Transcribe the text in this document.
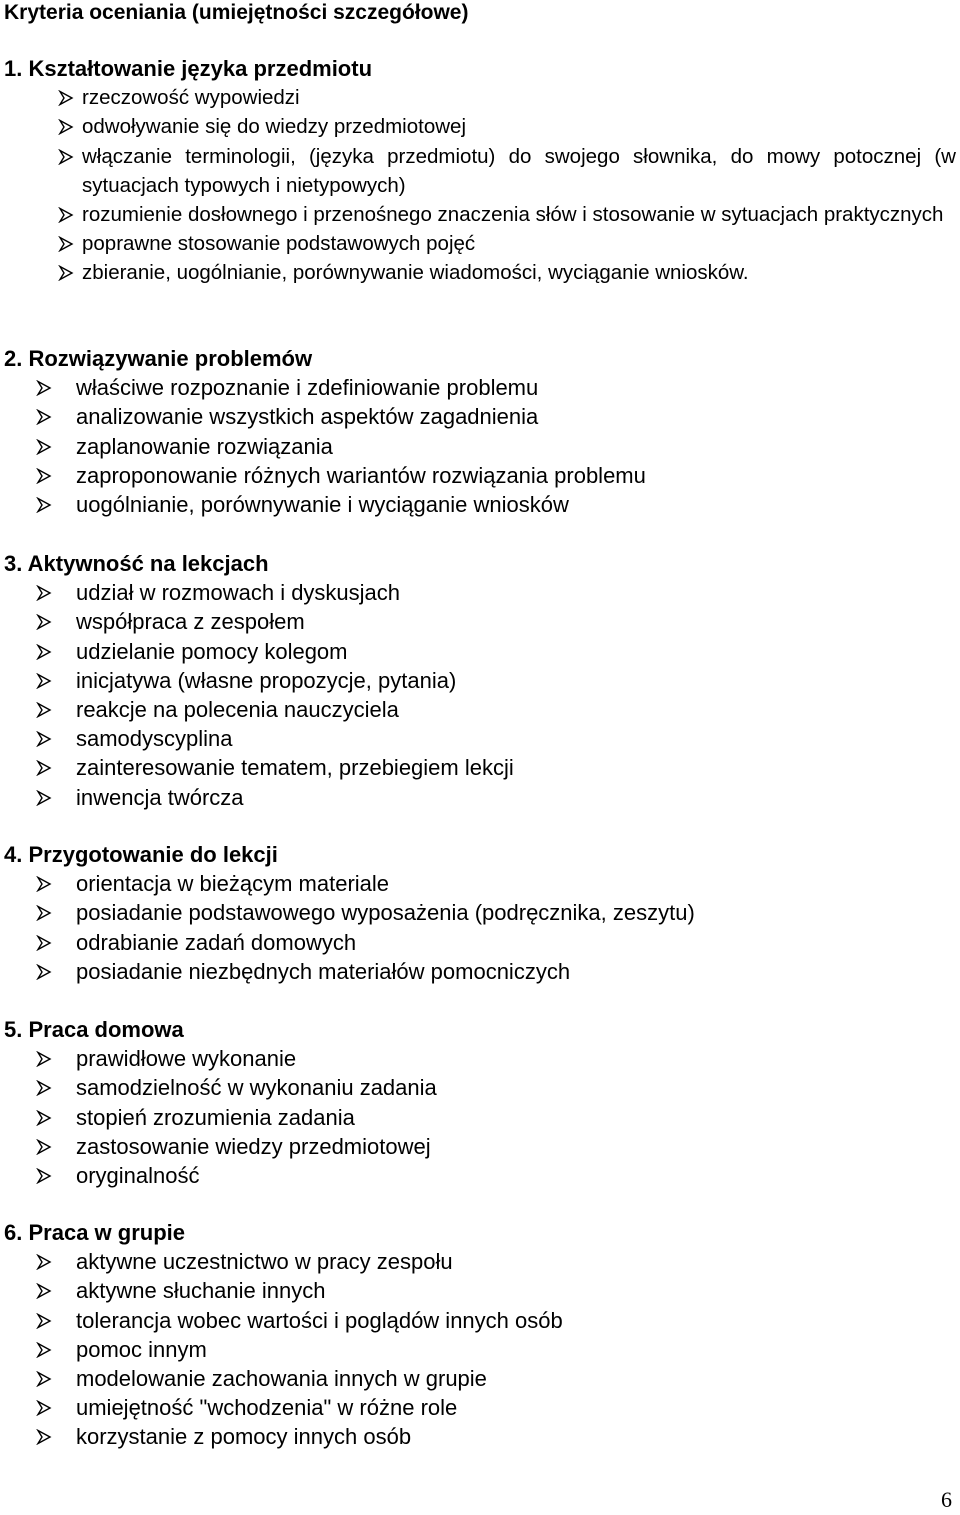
Kryteria oceniania (umiejętności szczegółowe)
1. Kształtowanie języka przedmiotu
rzeczowość wypowiedzi
odwoływanie się do wiedzy przedmiotowej
włączanie terminologii, (języka przedmiotu) do swojego słownika, do mowy potocznej (w sytuacjach typowych i nietypowych)
rozumienie dosłownego i przenośnego znaczenia słów i stosowanie w sytuacjach praktycznych
poprawne stosowanie podstawowych pojęć
zbieranie, uogólnianie, porównywanie wiadomości, wyciąganie wniosków.
2. Rozwiązywanie problemów
właściwe rozpoznanie i zdefiniowanie problemu
analizowanie wszystkich aspektów zagadnienia
zaplanowanie rozwiązania
zaproponowanie różnych wariantów rozwiązania problemu
uogólnianie, porównywanie i wyciąganie wniosków
3. Aktywność na lekcjach
udział w rozmowach i dyskusjach
współpraca z zespołem
udzielanie pomocy kolegom
inicjatywa (własne propozycje, pytania)
reakcje na polecenia nauczyciela
samodyscyplina
zainteresowanie tematem, przebiegiem lekcji
inwencja twórcza
4. Przygotowanie do lekcji
orientacja w bieżącym materiale
posiadanie podstawowego wyposażenia (podręcznika, zeszytu)
odrabianie zadań domowych
posiadanie niezbędnych materiałów pomocniczych
5. Praca domowa
prawidłowe wykonanie
samodzielność w wykonaniu zadania
stopień zrozumienia zadania
zastosowanie wiedzy przedmiotowej
oryginalność
6. Praca w grupie
aktywne uczestnictwo w pracy zespołu
aktywne słuchanie innych
tolerancja wobec wartości i poglądów innych osób
pomoc innym
modelowanie zachowania innych w grupie
umiejętność "wchodzenia" w różne role
korzystanie z pomocy innych osób
6
